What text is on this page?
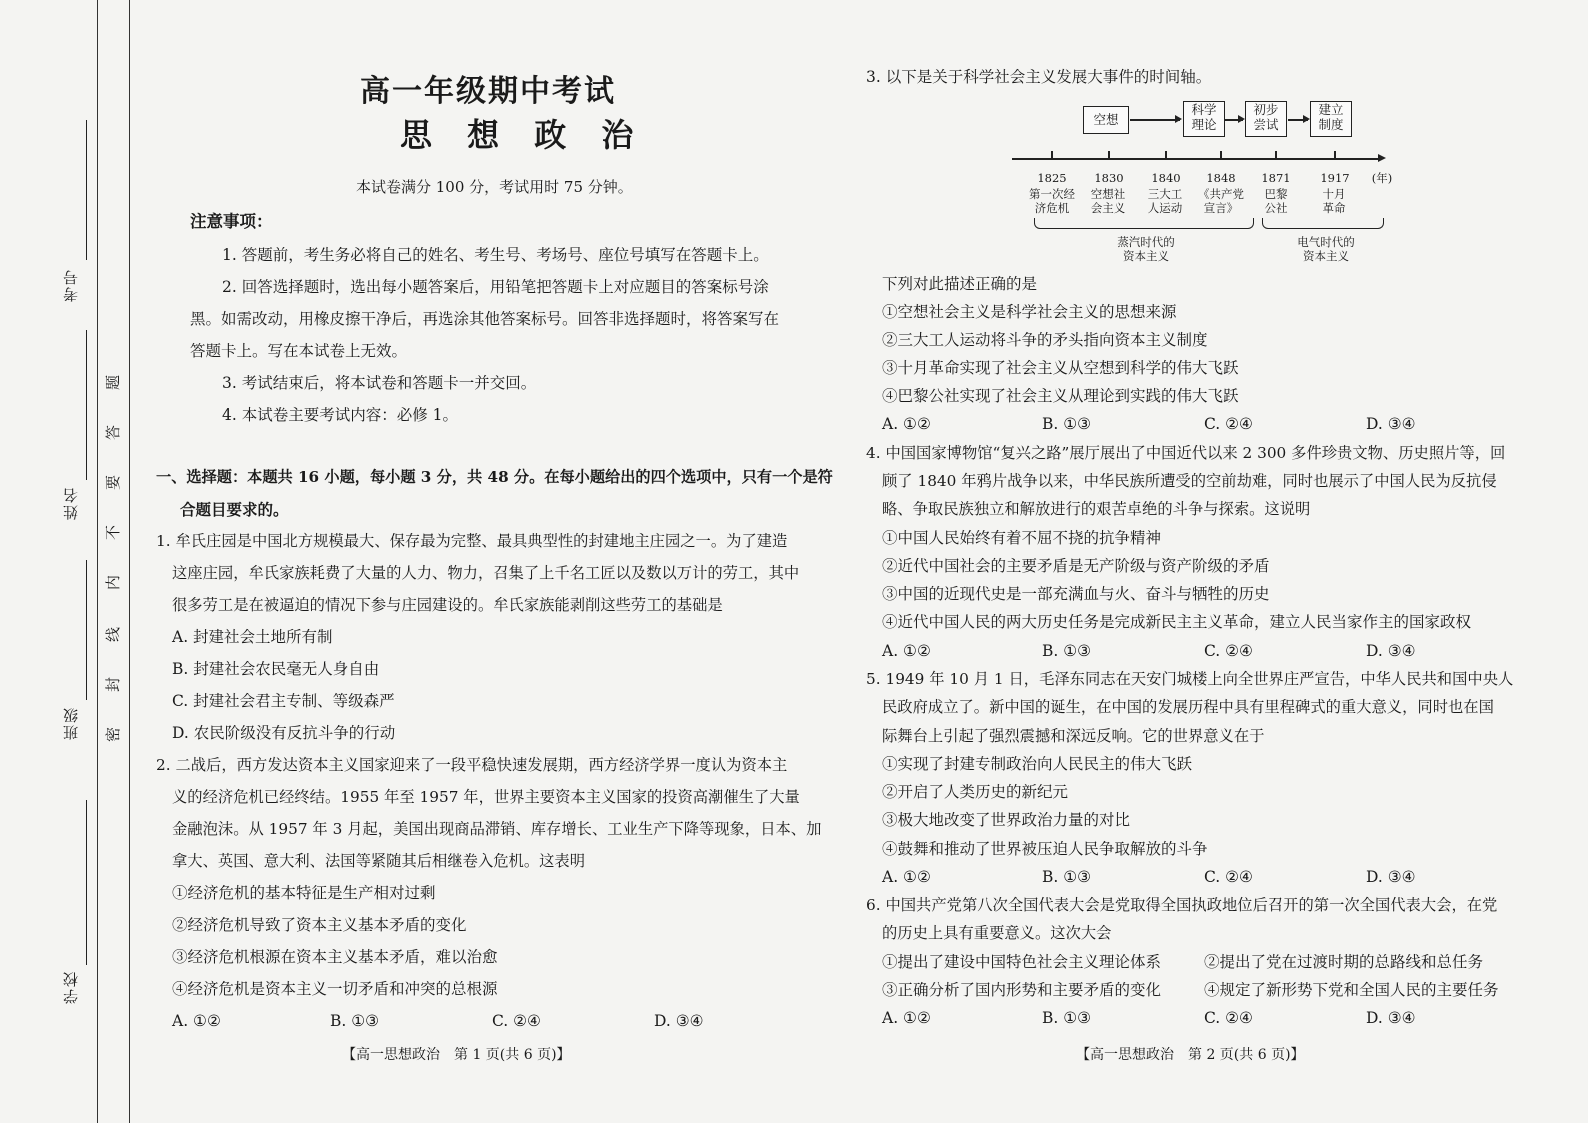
考号
姓名
班级
学校
题
答
要
不
内
线
封
密
高一年级期中考试
思 想 政 治
本试卷满分 100 分，考试用时 75 分钟。
注意事项：
1. 答题前，考生务必将自己的姓名、考生号、考场号、座位号填写在答题卡上。
2. 回答选择题时，选出每小题答案后，用铅笔把答题卡上对应题目的答案标号涂
黑。如需改动，用橡皮擦干净后，再选涂其他答案标号。回答非选择题时，将答案写在
答题卡上。写在本试卷上无效。
3. 考试结束后，将本试卷和答题卡一并交回。
4. 本试卷主要考试内容：必修 1。
一、选择题：本题共 16 小题，每小题 3 分，共 48 分。在每小题给出的四个选项中，只有一个是符
合题目要求的。
1. 牟氏庄园是中国北方规模最大、保存最为完整、最具典型性的封建地主庄园之一。为了建造
这座庄园，牟氏家族耗费了大量的人力、物力，召集了上千名工匠以及数以万计的劳工，其中
很多劳工是在被逼迫的情况下参与庄园建设的。牟氏家族能剥削这些劳工的基础是
A. 封建社会土地所有制
B. 封建社会农民毫无人身自由
C. 封建社会君主专制、等级森严
D. 农民阶级没有反抗斗争的行动
2. 二战后，西方发达资本主义国家迎来了一段平稳快速发展期，西方经济学界一度认为资本主
义的经济危机已经终结。1955 年至 1957 年，世界主要资本主义国家的投资高潮催生了大量
金融泡沫。从 1957 年 3 月起，美国出现商品滞销、库存增长、工业生产下降等现象，日本、加
拿大、英国、意大利、法国等紧随其后相继卷入危机。这表明
①经济危机的基本特征是生产相对过剩
②经济危机导致了资本主义基本矛盾的变化
③经济危机根源在资本主义基本矛盾，难以治愈
④经济危机是资本主义一切矛盾和冲突的总根源
A. ①②	B. ①③	C. ②④	D. ③④
【高一思想政治　第 1 页(共 6 页)】
3. 以下是关于科学社会主义发展大事件的时间轴。
空想
科学
理论
初步
尝试
建立
制度
1825 1830 1840 1848 1871	1917	(年)
第一次经
济危机
空想社
会主义
三大工
人运动
《共产党
宣言》
巴黎
公社
十月
革命
蒸汽时代的
资本主义
电气时代的
资本主义
下列对此描述正确的是
①空想社会主义是科学社会主义的思想来源
②三大工人运动将斗争的矛头指向资本主义制度
③十月革命实现了社会主义从空想到科学的伟大飞跃
④巴黎公社实现了社会主义从理论到实践的伟大飞跃
A. ①②	B. ①③	C. ②④	D. ③④
4. 中国国家博物馆“复兴之路”展厅展出了中国近代以来 2 300 多件珍贵文物、历史照片等，回
顾了 1840 年鸦片战争以来，中华民族所遭受的空前劫难，同时也展示了中国人民为反抗侵
略、争取民族独立和解放进行的艰苦卓绝的斗争与探索。这说明
①中国人民始终有着不屈不挠的抗争精神
②近代中国社会的主要矛盾是无产阶级与资产阶级的矛盾
③中国的近现代史是一部充满血与火、奋斗与牺牲的历史
④近代中国人民的两大历史任务是完成新民主主义革命，建立人民当家作主的国家政权
A. ①②	B. ①③	C. ②④	D. ③④
5. 1949 年 10 月 1 日，毛泽东同志在天安门城楼上向全世界庄严宣告，中华人民共和国中央人
民政府成立了。新中国的诞生，在中国的发展历程中具有里程碑式的重大意义，同时也在国
际舞台上引起了强烈震撼和深远反响。它的世界意义在于
①实现了封建专制政治向人民民主的伟大飞跃
②开启了人类历史的新纪元
③极大地改变了世界政治力量的对比
④鼓舞和推动了世界被压迫人民争取解放的斗争
A. ①②	B. ①③	C. ②④	D. ③④
6. 中国共产党第八次全国代表大会是党取得全国执政地位后召开的第一次全国代表大会，在党
的历史上具有重要意义。这次大会
①提出了建设中国特色社会主义理论体系	②提出了党在过渡时期的总路线和总任务
③正确分析了国内形势和主要矛盾的变化	④规定了新形势下党和全国人民的主要任务
A. ①②	B. ①③	C. ②④	D. ③④
【高一思想政治　第 2 页(共 6 页)】
